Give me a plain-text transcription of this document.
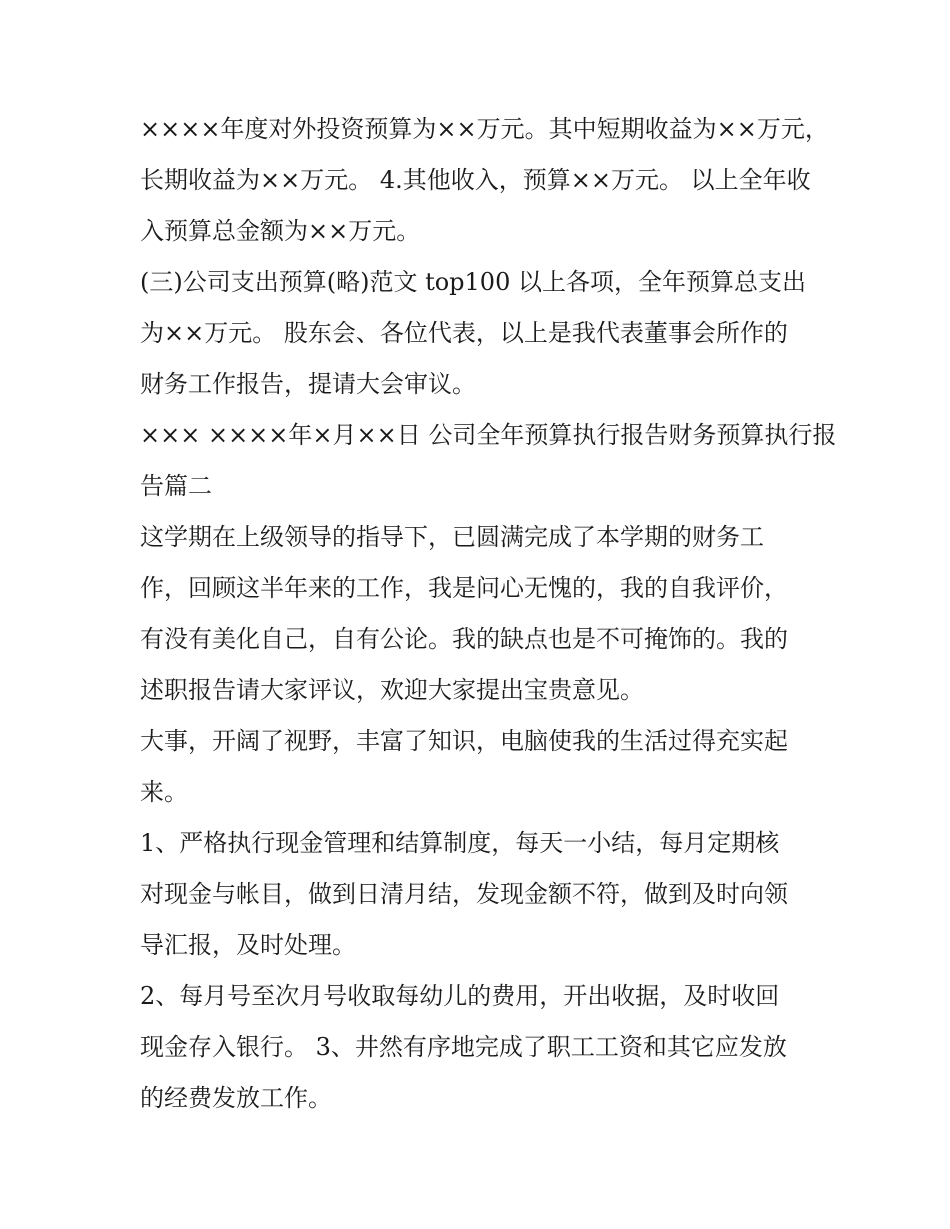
××××年度对外投资预算为××万元。其中短期收益为××万元，
长期收益为××万元。 4.其他收入，预算××万元。 以上全年收
入预算总金额为××万元。
(三)公司支出预算(略)范文 top100 以上各项，全年预算总支出
为××万元。 股东会、各位代表，以上是我代表董事会所作的
财务工作报告，提请大会审议。
××× ××××年×月××日 公司全年预算执行报告财务预算执行报
告篇二
这学期在上级领导的指导下，已圆满完成了本学期的财务工
作，回顾这半年来的工作，我是问心无愧的，我的自我评价，
有没有美化自己，自有公论。我的缺点也是不可掩饰的。我的
述职报告请大家评议，欢迎大家提出宝贵意见。
大事，开阔了视野，丰富了知识，电脑使我的生活过得充实起
来。
1、严格执行现金管理和结算制度，每天一小结，每月定期核
对现金与帐目，做到日清月结，发现金额不符，做到及时向领
导汇报，及时处理。
2、每月号至次月号收取每幼儿的费用，开出收据，及时收回
现金存入银行。 3、井然有序地完成了职工工资和其它应发放
的经费发放工作。
